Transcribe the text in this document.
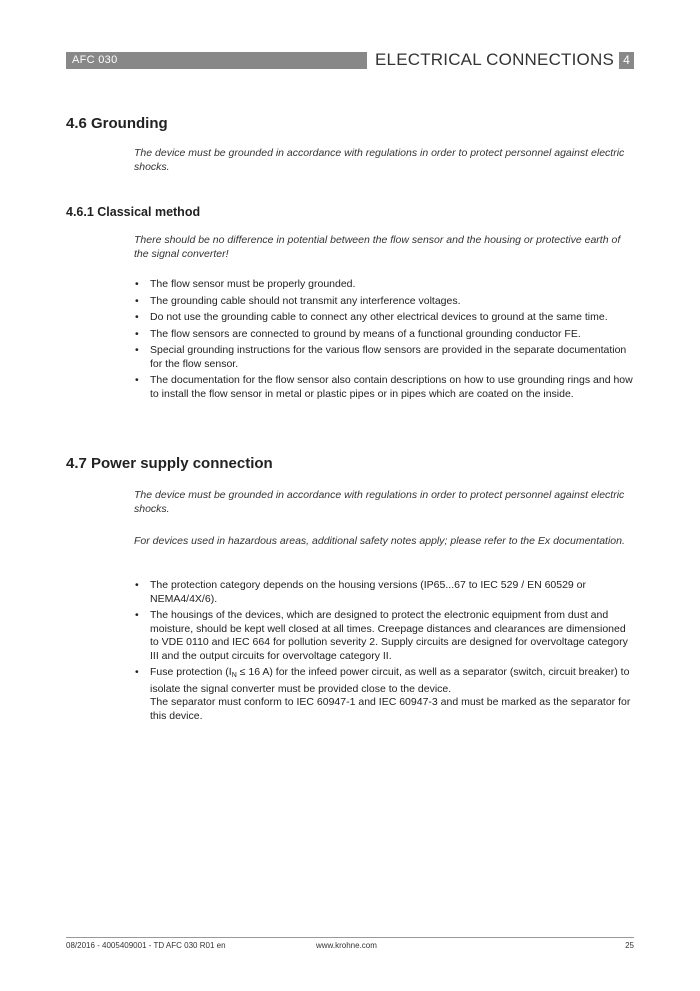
AFC 030	ELECTRICAL CONNECTIONS 4
4.6 Grounding

The device must be grounded in accordance with regulations in order to protect personnel against electric shocks.

4.6.1 Classical method

There should be no difference in potential between the flow sensor and the housing or protective earth of the signal converter!

• The flow sensor must be properly grounded.
• The grounding cable should not transmit any interference voltages.
• Do not use the grounding cable to connect any other electrical devices to ground at the same time.
• The flow sensors are connected to ground by means of a functional grounding conductor FE.
• Special grounding instructions for the various flow sensors are provided in the separate documentation for the flow sensor.
• The documentation for the flow sensor also contain descriptions on how to use grounding rings and how to install the flow sensor in metal or plastic pipes or in pipes which are coated on the inside.
4.7 Power supply connection

The device must be grounded in accordance with regulations in order to protect personnel against electric shocks.

For devices used in hazardous areas, additional safety notes apply; please refer to the Ex documentation.

• The protection category depends on the housing versions (IP65...67 to IEC 529 / EN 60529 or NEMA4/4X/6).
• The housings of the devices, which are designed to protect the electronic equipment from dust and moisture, should be kept well closed at all times. Creepage distances and clearances are dimensioned to VDE 0110 and IEC 664 for pollution severity 2. Supply circuits are designed for overvoltage category III and the output circuits for overvoltage category II.
• Fuse protection ($I_N \le 16$ A) for the infeed power circuit, as well as a separator (switch, circuit breaker) to isolate the signal converter must be provided close to the device.
The separator must conform to IEC 60947-1 and IEC 60947-3 and must be marked as the separator for this device.
08/2016 - 4005409001 - TD AFC 030 R01 en	www.krohne.com	25
